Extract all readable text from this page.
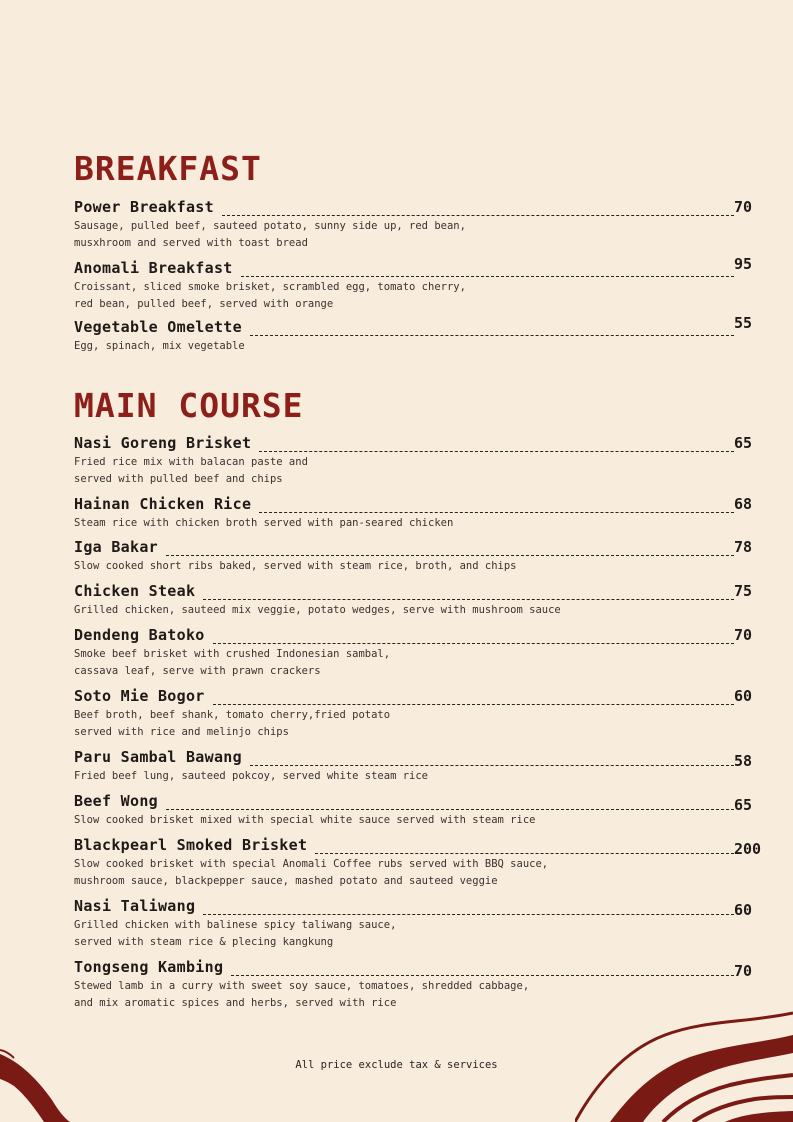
BREAKFAST
Power Breakfast	70
Sausage, pulled beef, sauteed potato, sunny side up, red bean,
musxhroom and served with toast bread
Anomali Breakfast	95
Croissant, sliced smoke brisket, scrambled egg, tomato cherry,
red bean, pulled beef, served with orange
Vegetable Omelette	55
Egg, spinach, mix vegetable
MAIN COURSE
Nasi Goreng Brisket	65
Fried rice mix with balacan paste and
served with pulled beef and chips
Hainan Chicken Rice	68
Steam rice with chicken broth served with pan-seared chicken
Iga Bakar	78
Slow cooked short ribs baked, served with steam rice, broth, and chips
Chicken Steak	75
Grilled chicken, sauteed mix veggie, potato wedges, serve with mushroom sauce
Dendeng Batoko	70
Smoke beef brisket with crushed Indonesian sambal,
cassava leaf, serve with prawn crackers
Soto Mie Bogor	60
Beef broth, beef shank, tomato cherry,fried potato
served with rice and melinjo chips
Paru Sambal Bawang	58
Fried beef lung, sauteed pokcoy, served white steam rice
Beef Wong	65
Slow cooked brisket mixed with special white sauce served with steam rice
Blackpearl Smoked Brisket	200
Slow cooked brisket with special Anomali Coffee rubs served with BBQ sauce,
mushroom sauce, blackpepper sauce, mashed potato and sauteed veggie
Nasi Taliwang	60
Grilled chicken with balinese spicy taliwang sauce,
served with steam rice & plecing kangkung
Tongseng Kambing	70
Stewed lamb in a curry with sweet soy sauce, tomatoes, shredded cabbage,
and mix aromatic spices and herbs, served with rice
All price exclude tax & services
